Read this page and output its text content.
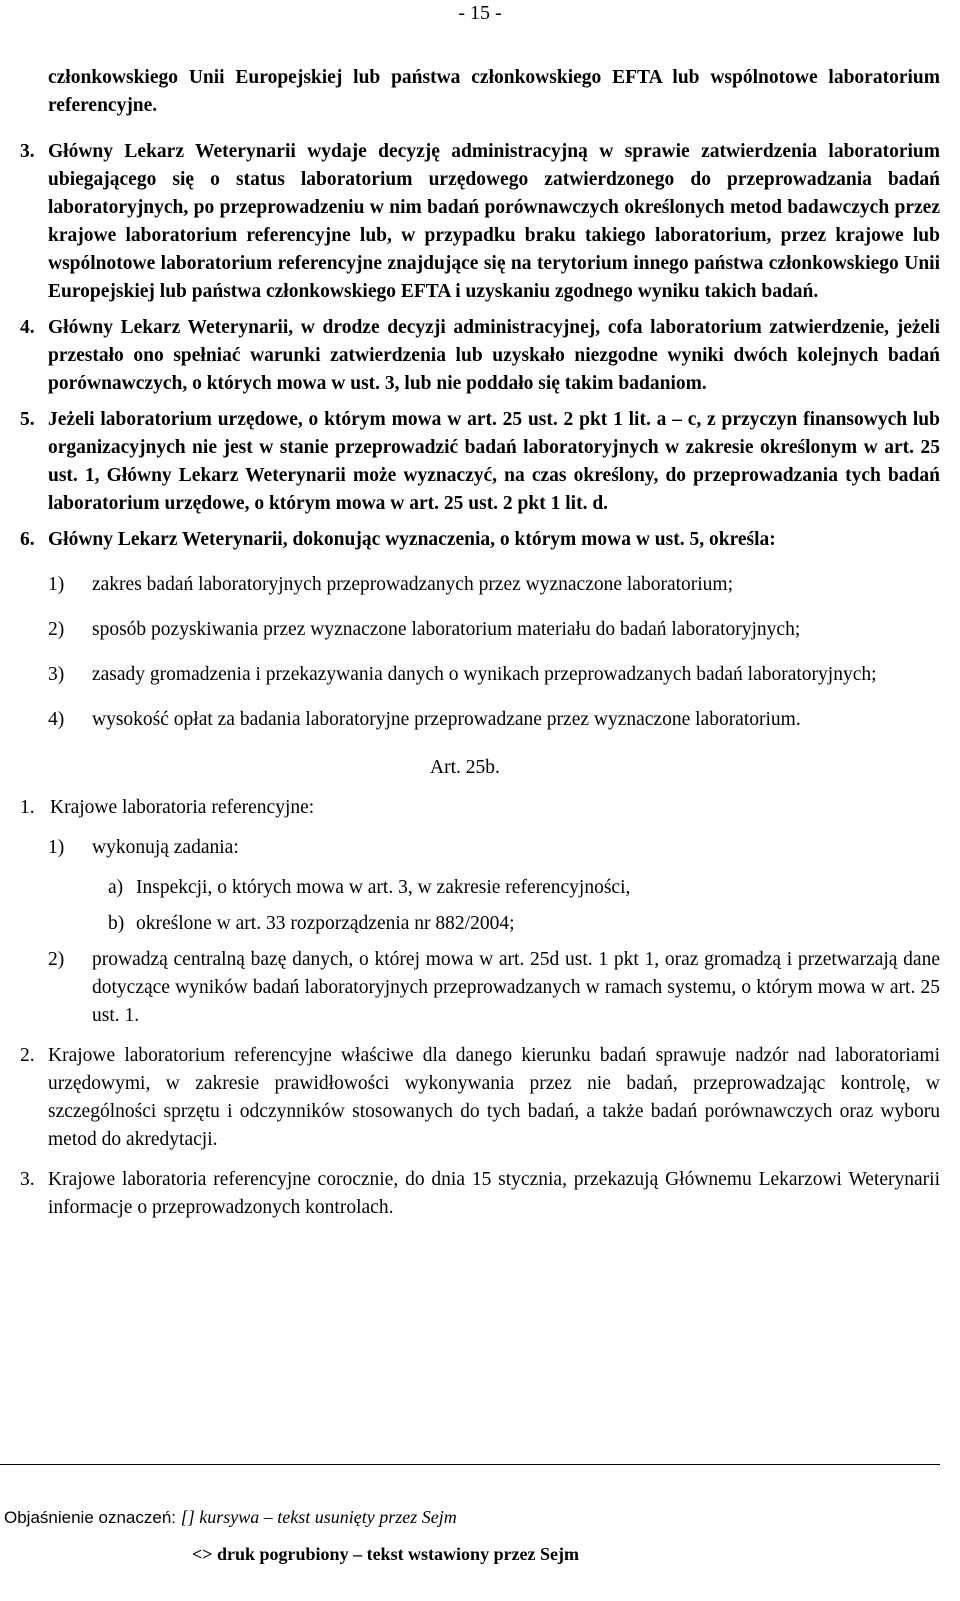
- 15 -

członkowskiego Unii Europejskiej lub państwa członkowskiego EFTA lub wspólnotowe laboratorium referencyjne.

3. Główny Lekarz Weterynarii wydaje decyzję administracyjną w sprawie zatwierdzenia laboratorium ubiegającego się o status laboratorium urzędowego zatwierdzonego do przeprowadzania badań laboratoryjnych, po przeprowadzeniu w nim badań porównawczych określonych metod badawczych przez krajowe laboratorium referencyjne lub, w przypadku braku takiego laboratorium, przez krajowe lub wspólnotowe laboratorium referencyjne znajdujące się na terytorium innego państwa członkowskiego Unii Europejskiej lub państwa członkowskiego EFTA i uzyskaniu zgodnego wyniku takich badań.
4. Główny Lekarz Weterynarii, w drodze decyzji administracyjnej, cofa laboratorium zatwierdzenie, jeżeli przestało ono spełniać warunki zatwierdzenia lub uzyskało niezgodne wyniki dwóch kolejnych badań porównawczych, o których mowa w ust. 3, lub nie poddało się takim badaniom.
5. Jeżeli laboratorium urzędowe, o którym mowa w art. 25 ust. 2 pkt 1 lit. a – c, z przyczyn finansowych lub organizacyjnych nie jest w stanie przeprowadzić badań laboratoryjnych w zakresie określonym w art. 25 ust. 1, Główny Lekarz Weterynarii może wyznaczyć, na czas określony, do przeprowadzania tych badań laboratorium urzędowe, o którym mowa w art. 25 ust. 2 pkt 1 lit. d.
6. Główny Lekarz Weterynarii, dokonując wyznaczenia, o którym mowa w ust. 5, określa:
1)	zakres badań laboratoryjnych przeprowadzanych przez wyznaczone laboratorium;
2)	sposób pozyskiwania przez wyznaczone laboratorium materiału do badań laboratoryjnych;
3)	zasady gromadzenia i przekazywania danych o wynikach przeprowadzanych badań laboratoryjnych;
4)	wysokość opłat za badania laboratoryjne przeprowadzane przez wyznaczone laboratorium.
Art. 25b.
1. Krajowe laboratoria referencyjne:
1)	wykonują zadania:
a) Inspekcji, o których mowa w art. 3, w zakresie referencyjności,
b) określone w art. 33 rozporządzenia nr 882/2004;
2)	prowadzą centralną bazę danych, o której mowa w art. 25d ust. 1 pkt 1, oraz gromadzą i przetwarzają dane dotyczące wyników badań laboratoryjnych przeprowadzanych w ramach systemu, o którym mowa w art. 25 ust. 1.
2. Krajowe laboratorium referencyjne właściwe dla danego kierunku badań sprawuje nadzór nad laboratoriami urzędowymi, w zakresie prawidłowości wykonywania przez nie badań, przeprowadzając kontrolę, w szczególności sprzętu i odczynników stosowanych do tych badań, a także badań porównawczych oraz wyboru metod do akredytacji.
3. Krajowe laboratoria referencyjne corocznie, do dnia 15 stycznia, przekazują Głównemu Lekarzowi Weterynarii informacje o przeprowadzonych kontrolach.
Objaśnienie oznaczeń: [] kursywa – tekst usunięty przez Sejm
<> druk pogrubiony – tekst wstawiony przez Sejm
